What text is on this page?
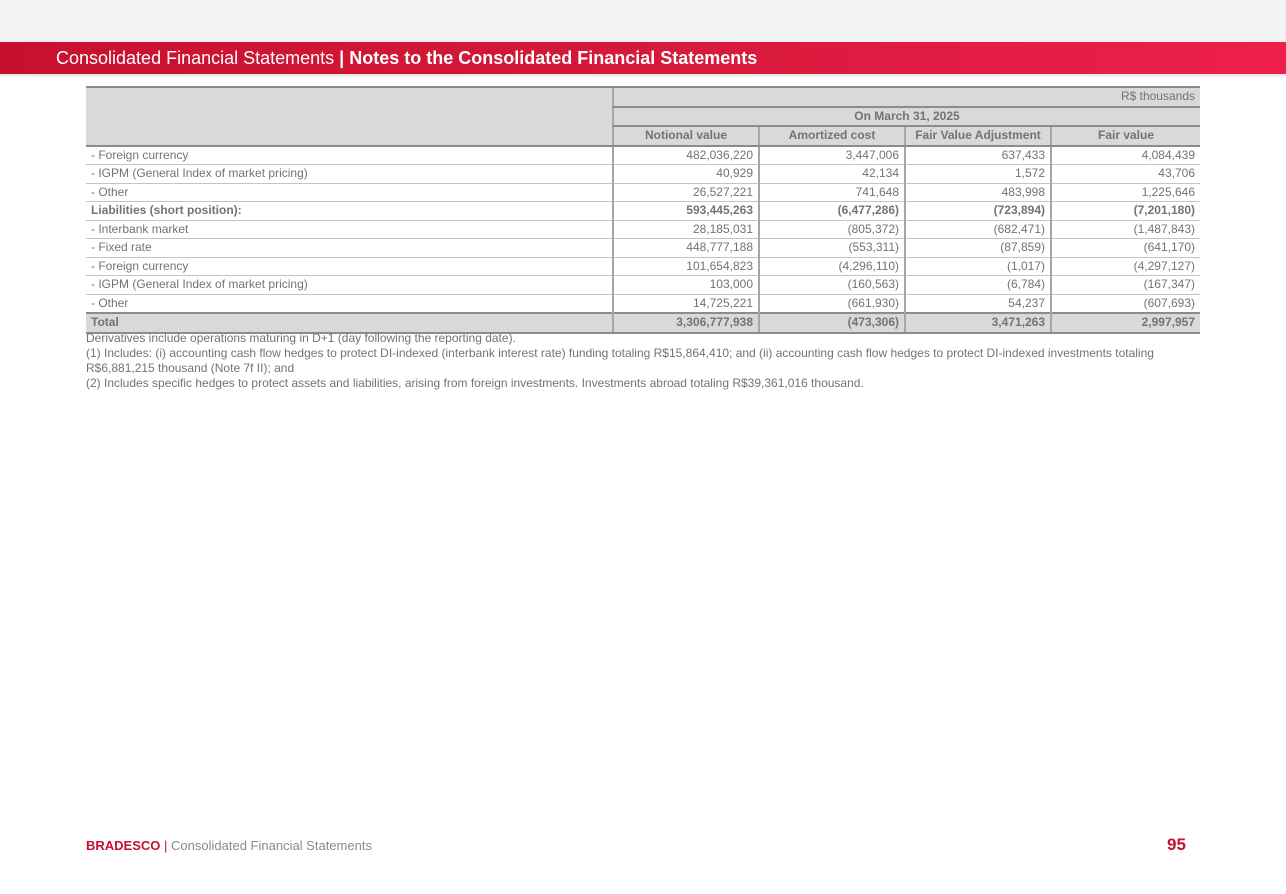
Consolidated Financial Statements | Notes to the Consolidated Financial Statements
	R$ thousands			
	On March 31, 2025			
	Notional value	Amortized cost	Fair Value Adjustment	Fair value
- Foreign currency	482,036,220	3,447,006	637,433	4,084,439
- IGPM (General Index of market pricing)	40,929	42,134	1,572	43,706
- Other	26,527,221	741,648	483,998	1,225,646
Liabilities (short position):	593,445,263	(6,477,286)	(723,894)	(7,201,180)
- Interbank market	28,185,031	(805,372)	(682,471)	(1,487,843)
- Fixed rate	448,777,188	(553,311)	(87,859)	(641,170)
- Foreign currency	101,654,823	(4,296,110)	(1,017)	(4,297,127)
- IGPM (General Index of market pricing)	103,000	(160,563)	(6,784)	(167,347)
- Other	14,725,221	(661,930)	54,237	(607,693)
Total	3,306,777,938	(473,306)	3,471,263	2,997,957

Derivatives include operations maturing in D+1 (day following the reporting date).

(1) Includes: (i) accounting cash flow hedges to protect DI-indexed (interbank interest rate) funding totaling R$15,864,410; and (ii) accounting cash flow hedges to protect DI-indexed investments totaling R$6,881,215 thousand (Note 7f II); and

(2) Includes specific hedges to protect assets and liabilities, arising from foreign investments. Investments abroad totaling R$39,361,016 thousand.

BRADESCO | Consolidated Financial Statements	95
